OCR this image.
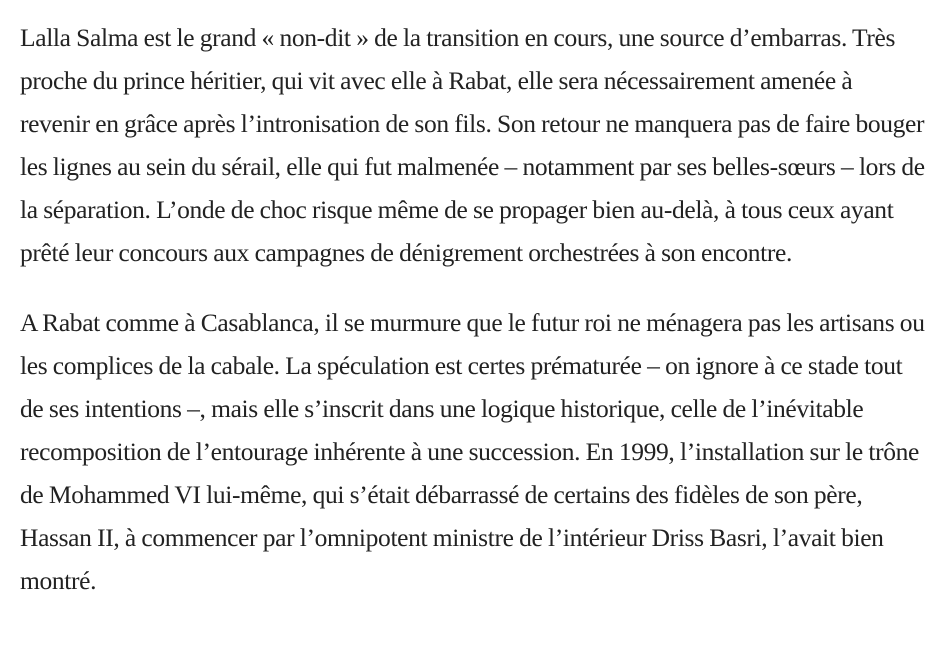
Lalla Salma est le grand « non-dit » de la transition en cours, une source d’embarras. Très proche du prince héritier, qui vit avec elle à Rabat, elle sera nécessairement amenée à revenir en grâce après l’intronisation de son fils. Son retour ne manquera pas de faire bouger les lignes au sein du sérail, elle qui fut malmenée – notamment par ses belles-sœurs – lors de la séparation. L’onde de choc risque même de se propager bien au-delà, à tous ceux ayant prêté leur concours aux campagnes de dénigrement orchestrées à son encontre.

A Rabat comme à Casablanca, il se murmure que le futur roi ne ménagera pas les artisans ou les complices de la cabale. La spéculation est certes prématurée – on ignore à ce stade tout de ses intentions –, mais elle s’inscrit dans une logique historique, celle de l’inévitable recomposition de l’entourage inhérente à une succession. En 1999, l’installation sur le trône de Mohammed VI lui-même, qui s’était débarrassé de certains des fidèles de son père, Hassan II, à commencer par l’omnipotent ministre de l’intérieur Driss Basri, l’avait bien montré.
